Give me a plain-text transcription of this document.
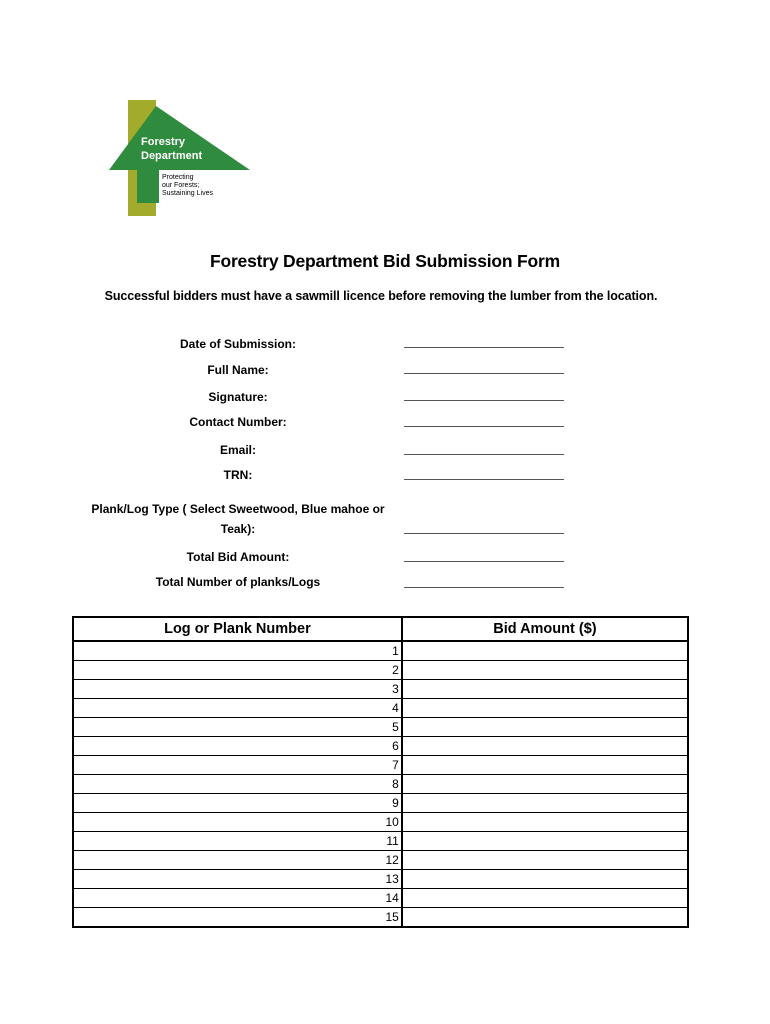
Forestry
Department
Protecting
our Forests;
Sustaining Lives
Forestry Department Bid Submission Form
Successful bidders must have a sawmill licence before removing the lumber from the location.
Date of Submission:
Full Name:
Signature:
Contact Number:
Email:
TRN:
Plank/Log Type ( Select Sweetwood, Blue mahoe or Teak):
Total Bid Amount:
Total Number of planks/Logs
Log or Plank Number	Bid Amount ($)
1	
2	
3	
4	
5	
6	
7	
8	
9	
10	
11	
12	
13	
14	
15	
